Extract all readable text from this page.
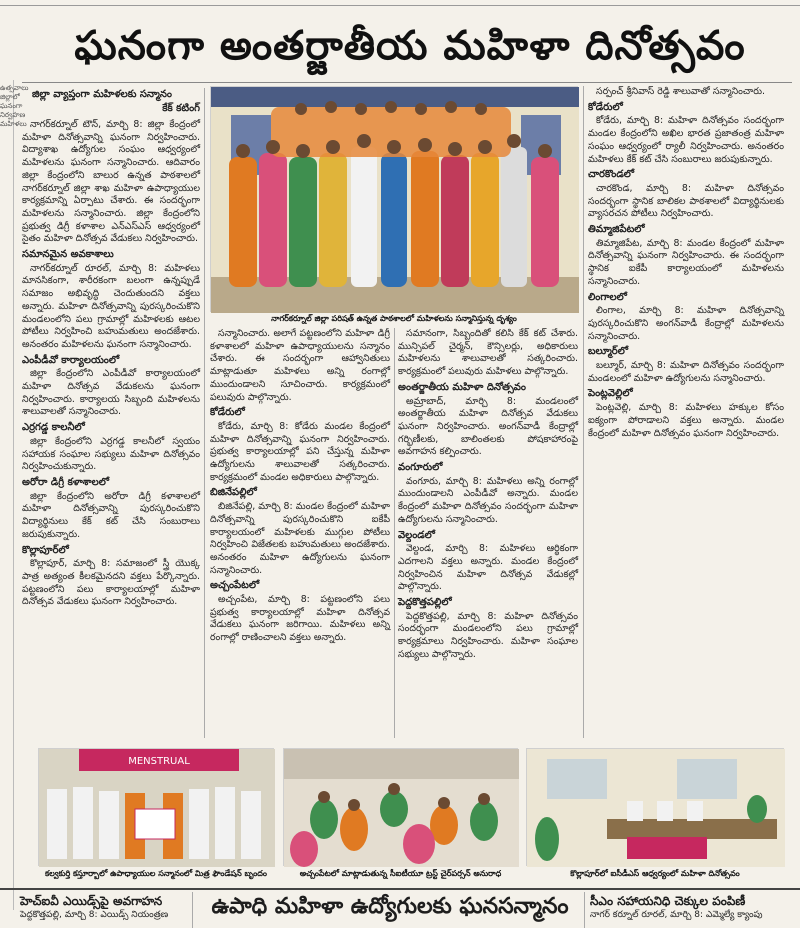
ఉత్సవాలు జిల్లాలో ఘనంగా నిర్వహణ మహిళలు
ఘనంగా అంతర్జాతీయ మహిళా దినోత్సవం
జిల్లా వ్యాప్తంగా మహిళలకు సన్మానం
కేక్ కటింగ్

నాగర్‌కర్నూల్ టౌన్, మార్చి 8: జిల్లా కేంద్రంలో మహిళా దినోత్సవాన్ని ఘనంగా నిర్వహించారు. విద్యాశాఖ ఉద్యోగుల సంఘం ఆధ్వర్యంలో మహిళలను ఘనంగా సన్మానించారు. ఆదివారం జిల్లా కేంద్రంలోని బాలుర ఉన్నత పాఠశాలలో నాగర్‌కర్నూల్ జిల్లా శాఖ మహిళా ఉపాధ్యాయుల కార్యక్రమాన్ని ఏర్పాటు చేశారు. ఈ సందర్భంగా మహిళలను సన్మానించారు. జిల్లా కేంద్రంలోని ప్రభుత్వ డిగ్రీ కళాశాల ఎన్ఎస్ఎస్ ఆధ్వర్యంలో సైతం మహిళా దినోత్సవ వేడుకలు నిర్వహించారు.

సమానమైన అవకాశాలు

నాగర్‌కర్నూల్ రూరల్, మార్చి 8: మహిళలు మానసికంగా, శారీరకంగా బలంగా ఉన్నప్పుడే సమాజం అభివృద్ధి చెందుతుందని వక్తలు అన్నారు. మహిళా దినోత్సవాన్ని పురస్కరించుకొని మండలంలోని పలు గ్రామాల్లో మహిళలకు ఆటల పోటీలు నిర్వహించి బహుమతులు అందజేశారు. అనంతరం మహిళలను ఘనంగా సన్మానించారు.

ఎంపీడీవో కార్యాలయంలో

జిల్లా కేంద్రంలోని ఎంపీడీవో కార్యాలయంలో మహిళా దినోత్సవ వేడుకలను ఘనంగా నిర్వహించారు. కార్యాలయ సిబ్బంది మహిళలను శాలువాలతో సన్మానించారు.

ఎర్రగడ్డ కాలనీలో

జిల్లా కేంద్రంలోని ఎర్రగడ్డ కాలనీలో స్వయం సహాయక సంఘాల సభ్యులు మహిళా దినోత్సవం నిర్వహించుకున్నారు.

అరోరా డిగ్రీ కళాశాలలో

జిల్లా కేంద్రంలోని అరోరా డిగ్రీ కళాశాలలో మహిళా దినోత్సవాన్ని పురస్కరించుకొని విద్యార్థినులు కేక్ కట్ చేసి సంబురాలు జరుపుకున్నారు.

కొల్లాపూర్‌లో

కొల్లాపూర్, మార్చి 8: సమాజంలో స్త్రీ యొక్క పాత్ర అత్యంత కీలకమైనదని వక్తలు పేర్కొన్నారు. పట్టణంలోని పలు కార్యాలయాల్లో మహిళా దినోత్సవ వేడుకలు ఘనంగా నిర్వహించారు.

నాగర్‌కర్నూల్ జిల్లా పరిషత్ ఉన్నత పాఠశాలలో మహిళలను సన్మానిస్తున్న దృశ్యం

సన్మానించారు. అలాగే పట్టణంలోని మహిళా డిగ్రీ కళాశాలలో మహిళా ఉపాధ్యాయులను సన్మానం చేశారు. ఈ సందర్భంగా ఆహ్వానితులు మాట్లాడుతూ మహిళలు అన్ని రంగాల్లో ముందుండాలని సూచించారు. కార్యక్రమంలో పలువురు పాల్గొన్నారు.

కోడేరులో

కోడేరు, మార్చి 8: కోడేరు మండల కేంద్రంలో మహిళా దినోత్సవాన్ని ఘనంగా నిర్వహించారు. ప్రభుత్వ కార్యాలయాల్లో పని చేస్తున్న మహిళా ఉద్యోగులను శాలువాలతో సత్కరించారు. కార్యక్రమంలో మండల అధికారులు పాల్గొన్నారు.

బిజినేపల్లిలో

బిజినేపల్లి, మార్చి 8: మండల కేంద్రంలో మహిళా దినోత్సవాన్ని పురస్కరించుకొని ఐకేపీ కార్యాలయంలో మహిళలకు ముగ్గుల పోటీలు నిర్వహించి విజేతలకు బహుమతులు అందజేశారు. అనంతరం మహిళా ఉద్యోగులను ఘనంగా సన్మానించారు.

అచ్చంపేటలో

అచ్చంపేట, మార్చి 8: పట్టణంలోని పలు ప్రభుత్వ కార్యాలయాల్లో మహిళా దినోత్సవ వేడుకలు ఘనంగా జరిగాయి. మహిళలు అన్ని రంగాల్లో రాణించాలని వక్తలు అన్నారు.

సమానంగా, సిబ్బందితో కలిసి కేక్ కట్ చేశారు. మున్సిపల్ చైర్మన్, కౌన్సిలర్లు, అధికారులు మహిళలను శాలువాలతో సత్కరించారు. కార్యక్రమంలో పలువురు మహిళలు పాల్గొన్నారు.

అంతర్జాతీయ మహిళా దినోత్సవం

అమ్రాబాద్, మార్చి 8: మండలంలో అంతర్జాతీయ మహిళా దినోత్సవ వేడుకలు ఘనంగా నిర్వహించారు. అంగన్‌వాడీ కేంద్రాల్లో గర్భిణీలకు, బాలింతలకు పోషకాహారంపై అవగాహన కల్పించారు.

వంగూరులో

వంగూరు, మార్చి 8: మహిళలు అన్ని రంగాల్లో ముందుండాలని ఎంపీడీవో అన్నారు. మండల కేంద్రంలో మహిళా దినోత్సవం సందర్భంగా మహిళా ఉద్యోగులను సన్మానించారు.

వెల్దండలో

వెల్దండ, మార్చి 8: మహిళలు ఆర్థికంగా ఎదగాలని వక్తలు అన్నారు. మండల కేంద్రంలో నిర్వహించిన మహిళా దినోత్సవ వేడుకల్లో పాల్గొన్నారు.

పెద్దకొత్తపల్లిలో

పెద్దకొత్తపల్లి, మార్చి 8: మహిళా దినోత్సవం సందర్భంగా మండలంలోని పలు గ్రామాల్లో కార్యక్రమాలు నిర్వహించారు. మహిళా సంఘాల సభ్యులు పాల్గొన్నారు.

సర్పంచ్ శ్రీనివాస్ రెడ్డి శాలువాతో సన్మానించారు.

కోడేరులో

కోడేరు, మార్చి 8: మహిళా దినోత్సవం సందర్భంగా మండల కేంద్రంలోని అఖిల భారత ప్రజాతంత్ర మహిళా సంఘం ఆధ్వర్యంలో ర్యాలీ నిర్వహించారు. అనంతరం మహిళలు కేక్ కట్ చేసి సంబురాలు జరుపుకున్నారు.

చారకొండలో

చారకొండ, మార్చి 8: మహిళా దినోత్సవం సందర్భంగా స్థానిక బాలికల పాఠశాలలో విద్యార్థినులకు వ్యాసరచన పోటీలు నిర్వహించారు.

తిమ్మాజిపేటలో

తిమ్మాజిపేట, మార్చి 8: మండల కేంద్రంలో మహిళా దినోత్సవాన్ని ఘనంగా నిర్వహించారు. ఈ సందర్భంగా స్థానిక ఐకేపీ కార్యాలయంలో మహిళలను సన్మానించారు.

లింగాలలో

లింగాల, మార్చి 8: మహిళా దినోత్సవాన్ని పురస్కరించుకొని అంగన్‌వాడీ కేంద్రాల్లో మహిళలను సన్మానించారు.

బల్మూర్‌లో

బల్మూర్, మార్చి 8: మహిళా దినోత్సవం సందర్భంగా మండలంలో మహిళా ఉద్యోగులను సన్మానించారు.

పెంట్లవెల్లిలో

పెంట్లవెల్లి, మార్చి 8: మహిళలు హక్కుల కోసం ఐక్యంగా పోరాడాలని వక్తలు అన్నారు. మండల కేంద్రంలో మహిళా దినోత్సవం ఘనంగా నిర్వహించారు.

MENSTRUAL
కల్వకుర్తి కస్తూర్బాలో ఉపాధ్యాయుల సన్మానంలో మిత్ర ఫౌండేషన్ బృందం	అచ్చంపేటలో మాట్లాడుతున్న సీఐటీయూ ట్రస్ట్ చైర్‌పర్సన్ అనురాధ	కొల్లాపూర్‌లో ఐసీడీఎస్ ఆధ్వర్యంలో మహిళా దినోత్సవం
హెచ్‌ఐవీ ఎయిడ్స్‌పై అవగాహన
పెద్దకొత్తపల్లి, మార్చి 8: ఎయిడ్స్ నియంత్రణ	ఉపాధి మహిళా ఉద్యోగులకు ఘనసన్మానం	సీఎం సహాయనిధి చెక్కుల పంపిణీ
నాగర్ కర్నూల్ రూరల్, మార్చి 8: ఎమ్మెల్యే క్యాంపు
